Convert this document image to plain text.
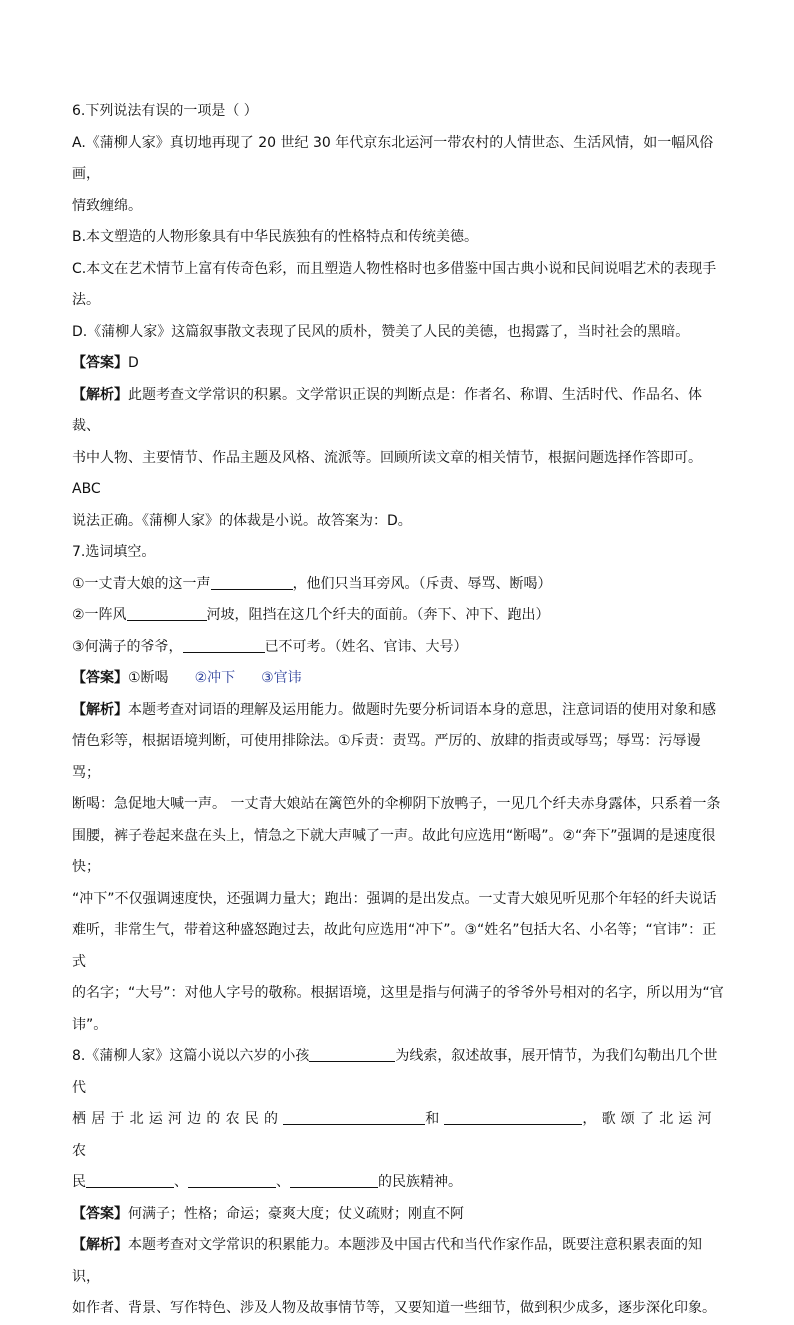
6.下列说法有误的一项是（ ）

A.《蒲柳人家》真切地再现了 20 世纪 30 年代京东北运河一带农村的人情世态、生活风情，如一幅风俗画，

情致缠绵。

B.本文塑造的人物形象具有中华民族独有的性格特点和传统美德。

C.本文在艺术情节上富有传奇色彩，而且塑造人物性格时也多借鉴中国古典小说和民间说唱艺术的表现手

法。

D.《蒲柳人家》这篇叙事散文表现了民风的质朴，赞美了人民的美德，也揭露了，当时社会的黑暗。

【答案】D

【解析】此题考查文学常识的积累。文学常识正误的判断点是：作者名、称谓、生活时代、作品名、体裁、

书中人物、主要情节、作品主题及风格、流派等。回顾所读文章的相关情节，根据问题选择作答即可。ABC

说法正确。《蒲柳人家》的体裁是小说。故答案为：D。

7.选词填空。

①一丈青大娘的这一声	，他们只当耳旁风。（斥责、辱骂、断喝）

②一阵风	河坡，阻挡在这几个纤夫的面前。（奔下、冲下、跑出）

③何满子的爷爷，	已不可考。（姓名、官讳、大号）

【答案】①断喝 ②冲下 ③官讳

【解析】本题考查对词语的理解及运用能力。做题时先要分析词语本身的意思，注意词语的使用对象和感

情色彩等，根据语境判断，可使用排除法。①斥责：责骂。严厉的、放肆的指责或辱骂；辱骂：污辱谩骂；

断喝：急促地大喊一声。 一丈青大娘站在篱笆外的伞柳阴下放鸭子，一见几个纤夫赤身露体，只系着一条

围腰，裤子卷起来盘在头上，情急之下就大声喊了一声。故此句应选用“断喝”。②“奔下”强调的是速度很快；

“冲下”不仅强调速度快，还强调力量大；跑出：强调的是出发点。一丈青大娘见听见那个年轻的纤夫说话

难听，非常生气，带着这种盛怒跑过去，故此句应选用“冲下”。③“姓名”包括大名、小名等；“官讳”：正式

的名字；“大号”：对他人字号的敬称。根据语境，这里是指与何满子的爷爷外号相对的名字，所以用为“官

讳”。

8.《蒲柳人家》这篇小说以六岁的小孩	为线索，叙述故事，展开情节，为我们勾勒出几个世代

栖居于北运河边的农民的	和	，歌颂了北运河农

民	、	、	的民族精神。

【答案】何满子；性格；命运；豪爽大度；仗义疏财；刚直不阿

【解析】本题考查对文学常识的积累能力。本题涉及中国古代和当代作家作品，既要注意积累表面的知识，

如作者、背景、写作特色、涉及人物及故事情节等，又要知道一些细节，做到积少成多，逐步深化印象。
